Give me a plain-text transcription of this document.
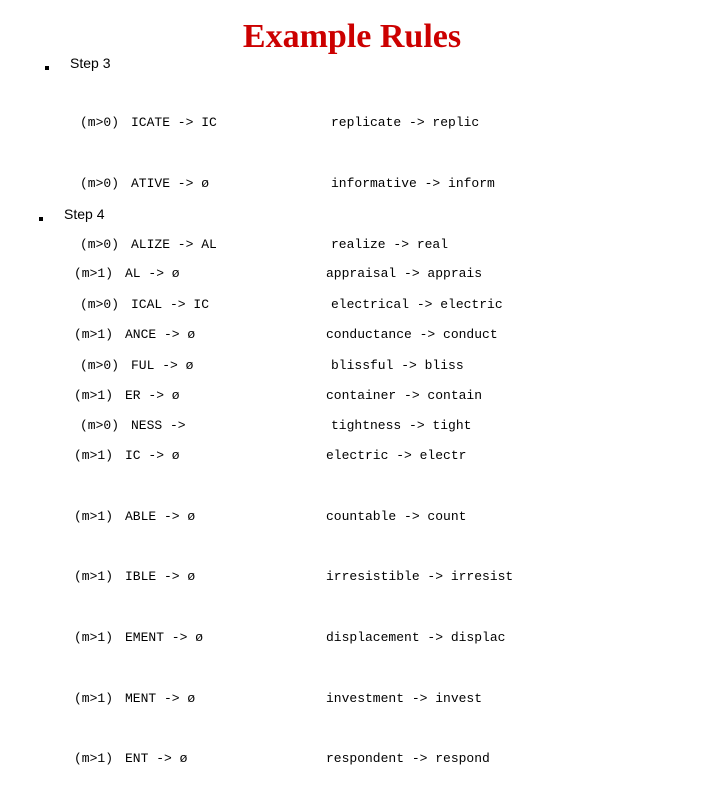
Example Rules
Step 3

(m>0)

(m>0)

(m>0)

(m>0)

(m>0)

(m>0)

ICATE -> IC

ATIVE -> ø

ALIZE -> AL

ICAL -> IC

FUL -> ø

NESS ->

replicate -> replic

informative -> inform

realize -> real

electrical -> electric

blissful -> bliss

tightness -> tight

Step 4

(m>1)

(m>1)

(m>1)

(m>1)

(m>1)

(m>1)

(m>1)

(m>1)

(m>1)

AL -> ø

ANCE -> ø

ER -> ø

IC -> ø

ABLE -> ø

IBLE -> ø

EMENT -> ø

MENT -> ø

ENT -> ø

appraisal -> apprais

conductance -> conduct

container -> contain

electric -> electr

countable -> count

irresistible -> irresist

displacement -> displac

investment -> invest

respondent -> respond
